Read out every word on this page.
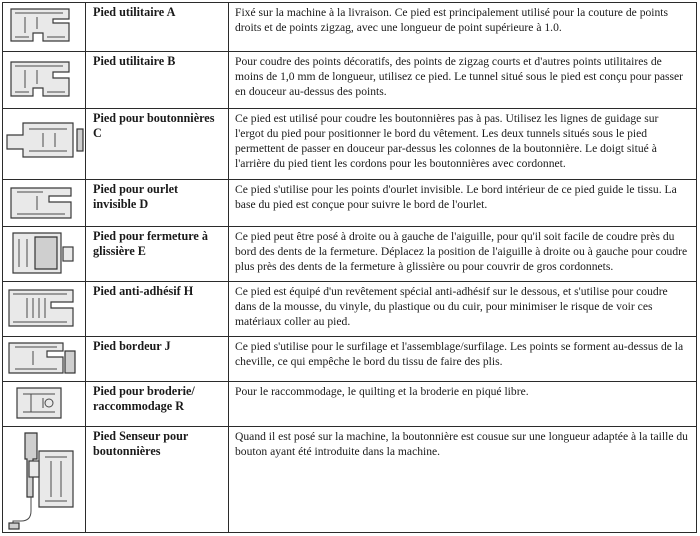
Pied utilitaire A	Fixé sur la machine à la livraison. Ce pied est principalement utilisé pour la couture de points droits et de points zigzag, avec une longueur de point supérieure à 1.0.

Pied utilitaire B	Pour coudre des points décoratifs, des points de zigzag courts et d'autres points utilitaires de moins de 1,0 mm de longueur, utilisez ce pied. Le tunnel situé sous le pied est conçu pour passer en douceur au-dessus des points.

Pied pour boutonnières C	Ce pied est utilisé pour coudre les boutonnières pas à pas. Utilisez les lignes de guidage sur l'ergot du pied pour positionner le bord du vêtement. Les deux tunnels situés sous le pied permettent de passer en douceur par-dessus les colonnes de la boutonnière. Le doigt situé à l'arrière du pied tient les cordons pour les boutonnières avec cordonnet.

Pied pour ourlet invisible D	Ce pied s'utilise pour les points d'ourlet invisible. Le bord intérieur de ce pied guide le tissu. La base du pied est conçue pour suivre le bord de l'ourlet.

Pied pour fermeture à glissière E	Ce pied peut être posé à droite ou à gauche de l'aiguille, pour qu'il soit facile de coudre près du bord des dents de la fermeture. Déplacez la position de l'aiguille à droite ou à gauche pour coudre plus près des dents de la fermeture à glissière ou pour couvrir de gros cordonnets.

Pied anti-adhésif H	Ce pied est équipé d'un revêtement spécial anti-adhésif sur le dessous, et s'utilise pour coudre dans de la mousse, du vinyle, du plastique ou du cuir, pour minimiser le risque de voir ces matériaux coller au pied.

Pied bordeur J	Ce pied s'utilise pour le surfilage et l'assemblage/surfilage. Les points se forment au-dessus de la cheville, ce qui empêche le bord du tissu de faire des plis.

Pied pour broderie/ raccommodage R	Pour le raccommodage, le quilting et la broderie en piqué libre.

Pied Senseur pour boutonnières	Quand il est posé sur la machine, la boutonnière est cousue sur une longueur adaptée à la taille du bouton ayant été introduite dans la machine.
